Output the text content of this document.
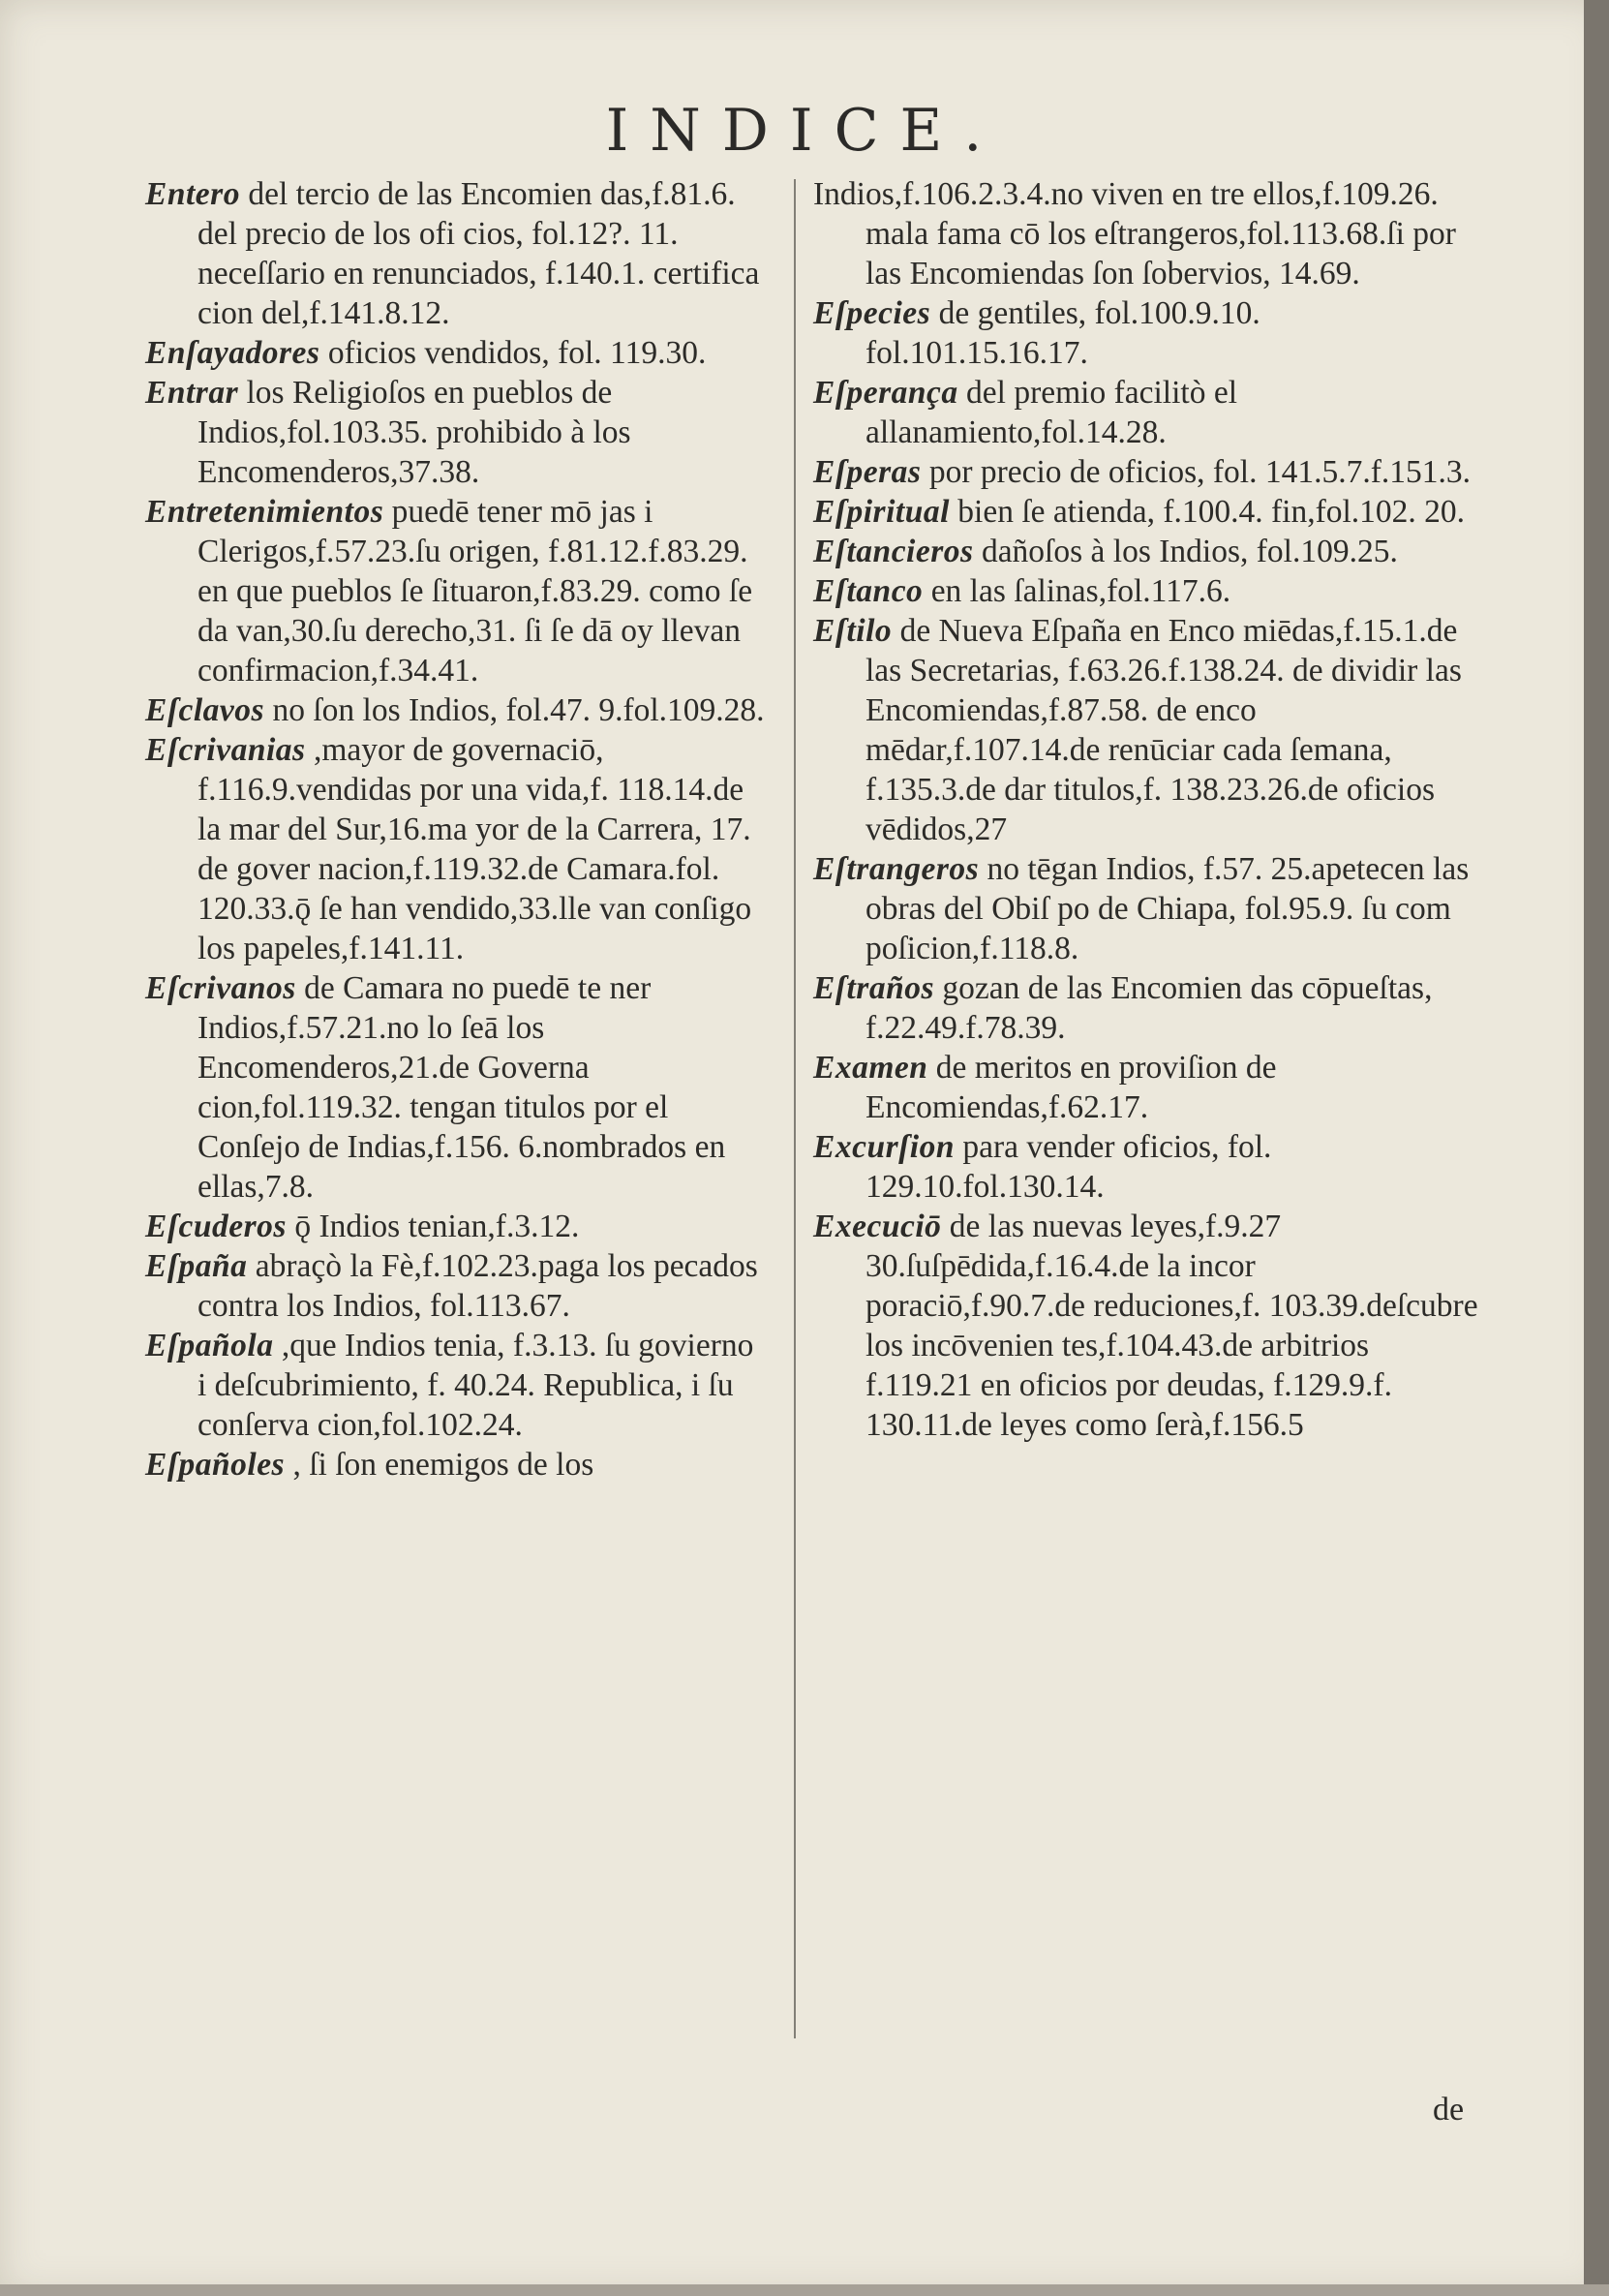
INDICE.
Entero del tercio de las Encomien das,f.81.6. del precio de los ofi cios, fol.12?. 11. neceſſario en renunciados, f.140.1. certifica cion del,f.141.8.12.
Enſayadores oficios vendidos, fol. 119.30.
Entrar los Religioſos en pueblos de Indios,fol.103.35. prohibido à los Encomenderos,37.38.
Entretenimientos puedē tener mō jas i Clerigos,f.57.23.ſu origen, f.81.12.f.83.29. en que pueblos ſe ſituaron,f.83.29. como ſe da van,30.ſu derecho,31. ſi ſe dā oy llevan confirmacion,f.34.41.
Eſclavos no ſon los Indios, fol.47. 9.fol.109.28.
Eſcrivanias ,mayor de governaciō, f.116.9.vendidas por una vida,f. 118.14.de la mar del Sur,16.ma yor de la Carrera, 17. de gover nacion,f.119.32.de Camara.fol. 120.33.ǭ ſe han vendido,33.lle van conſigo los papeles,f.141.11.
Eſcrivanos de Camara no puedē te ner Indios,f.57.21.no lo ſeā los Encomenderos,21.de Governa cion,fol.119.32. tengan titulos por el Conſejo de Indias,f.156. 6.nombrados en ellas,7.8.
Eſcuderos ǭ Indios tenian,f.3.12.
Eſpaña abraçò la Fè,f.102.23.paga los pecados contra los Indios, fol.113.67.
Eſpañola ,que Indios tenia, f.3.13. ſu govierno i deſcubrimiento, f. 40.24. Republica, i ſu conſerva cion,fol.102.24.
Eſpañoles , ſi ſon enemigos de los
Indios,f.106.2.3.4.no viven en tre ellos,f.109.26. mala fama cō los eſtrangeros,fol.113.68.ſi por las Encomiendas ſon ſobervios, 14.69.
Eſpecies de gentiles, fol.100.9.10. fol.101.15.16.17.
Eſperança del premio facilitò el allanamiento,fol.14.28.
Eſperas por precio de oficios, fol. 141.5.7.f.151.3.
Eſpiritual bien ſe atienda, f.100.4. fin,fol.102. 20.
Eſtancieros dañoſos à los Indios, fol.109.25.
Eſtanco en las ſalinas,fol.117.6.
Eſtilo de Nueva Eſpaña en Enco miēdas,f.15.1.de las Secretarias, f.63.26.f.138.24. de dividir las Encomiendas,f.87.58. de enco mēdar,f.107.14.de renūciar cada ſemana, f.135.3.de dar titulos,f. 138.23.26.de oficios vēdidos,27
Eſtrangeros no tēgan Indios, f.57. 25.apetecen las obras del Obiſ po de Chiapa, fol.95.9. ſu com poſicion,f.118.8.
Eſtraños gozan de las Encomien das cōpueſtas, f.22.49.f.78.39.
Examen de meritos en proviſion de Encomiendas,f.62.17.
Excurſion para vender oficios, fol. 129.10.fol.130.14.
Execuciō de las nuevas leyes,f.9.27 30.ſuſpēdida,f.16.4.de la incor poraciō,f.90.7.de reduciones,f. 103.39.deſcubre los incōvenien tes,f.104.43.de arbitrios f.119.21 en oficios por deudas, f.129.9.f. 130.11.de leyes como ſerà,f.156.5
de
